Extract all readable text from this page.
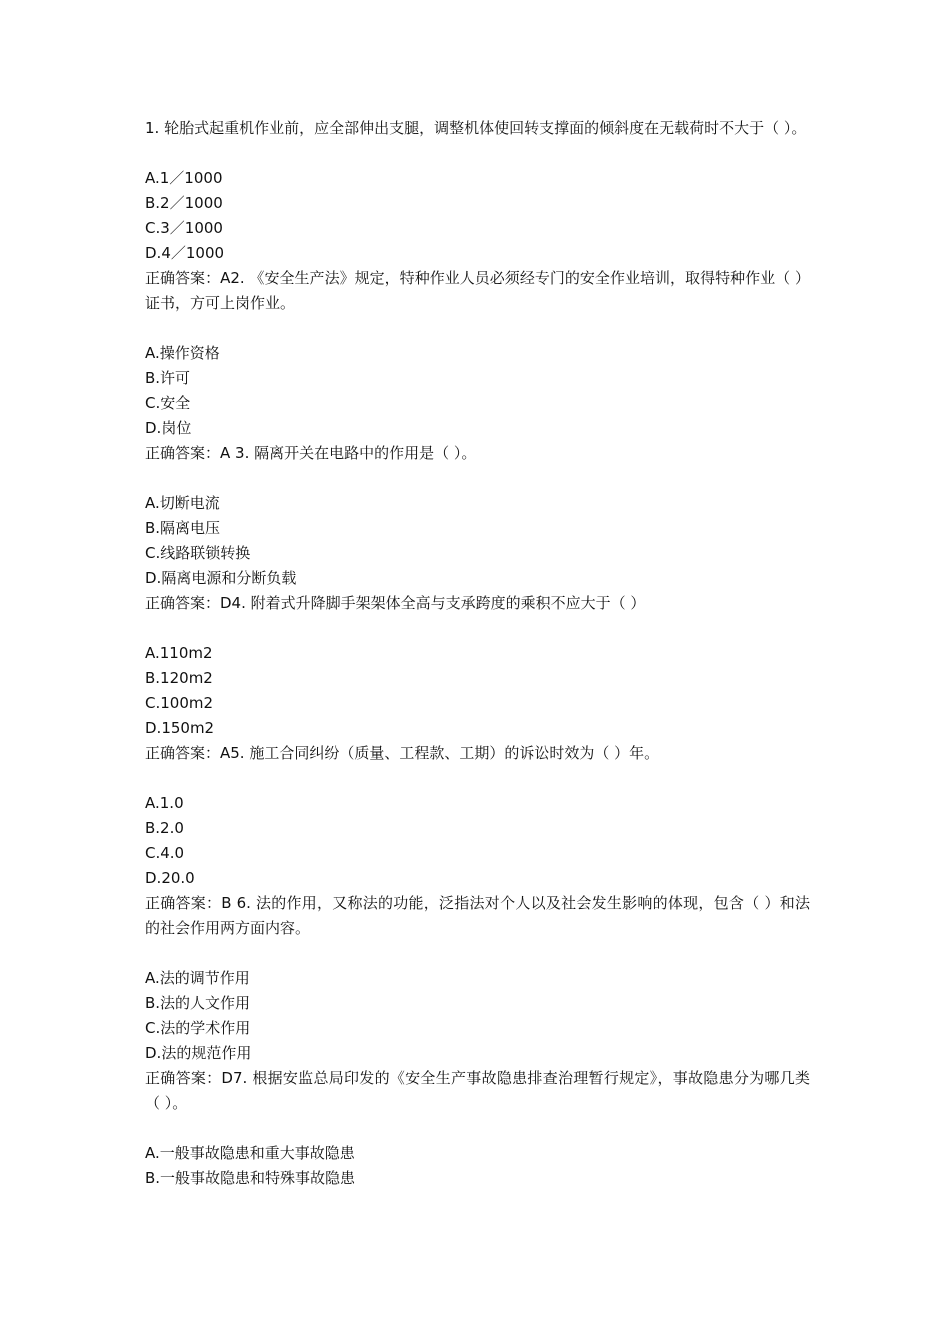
1. 轮胎式起重机作业前，应全部伸出支腿，调整机体使回转支撑面的倾斜度在无载荷时不大于（ ）。
A.1／1000
B.2／1000
C.3／1000
D.4／1000
正确答案：A2. 《安全生产法》规定，特种作业人员必须经专门的安全作业培训，取得特种作业（ ）证书，方可上岗作业。
A.操作资格
B.许可
C.安全
D.岗位
正确答案：A 3. 隔离开关在电路中的作用是（ ）。
A.切断电流
B.隔离电压
C.线路联锁转换
D.隔离电源和分断负载
正确答案：D4. 附着式升降脚手架架体全高与支承跨度的乘积不应大于（ ）
A.110m2
B.120m2
C.100m2
D.150m2
正确答案：A5. 施工合同纠纷（质量、工程款、工期）的诉讼时效为（ ）年。
A.1.0
B.2.0
C.4.0
D.20.0
正确答案：B 6. 法的作用，又称法的功能，泛指法对个人以及社会发生影响的体现，包含（ ）和法的社会作用两方面内容。
A.法的调节作用
B.法的人文作用
C.法的学术作用
D.法的规范作用
正确答案：D7. 根据安监总局印发的《安全生产事故隐患排查治理暂行规定》，事故隐患分为哪几类（ ）。
A.一般事故隐患和重大事故隐患
B.一般事故隐患和特殊事故隐患
